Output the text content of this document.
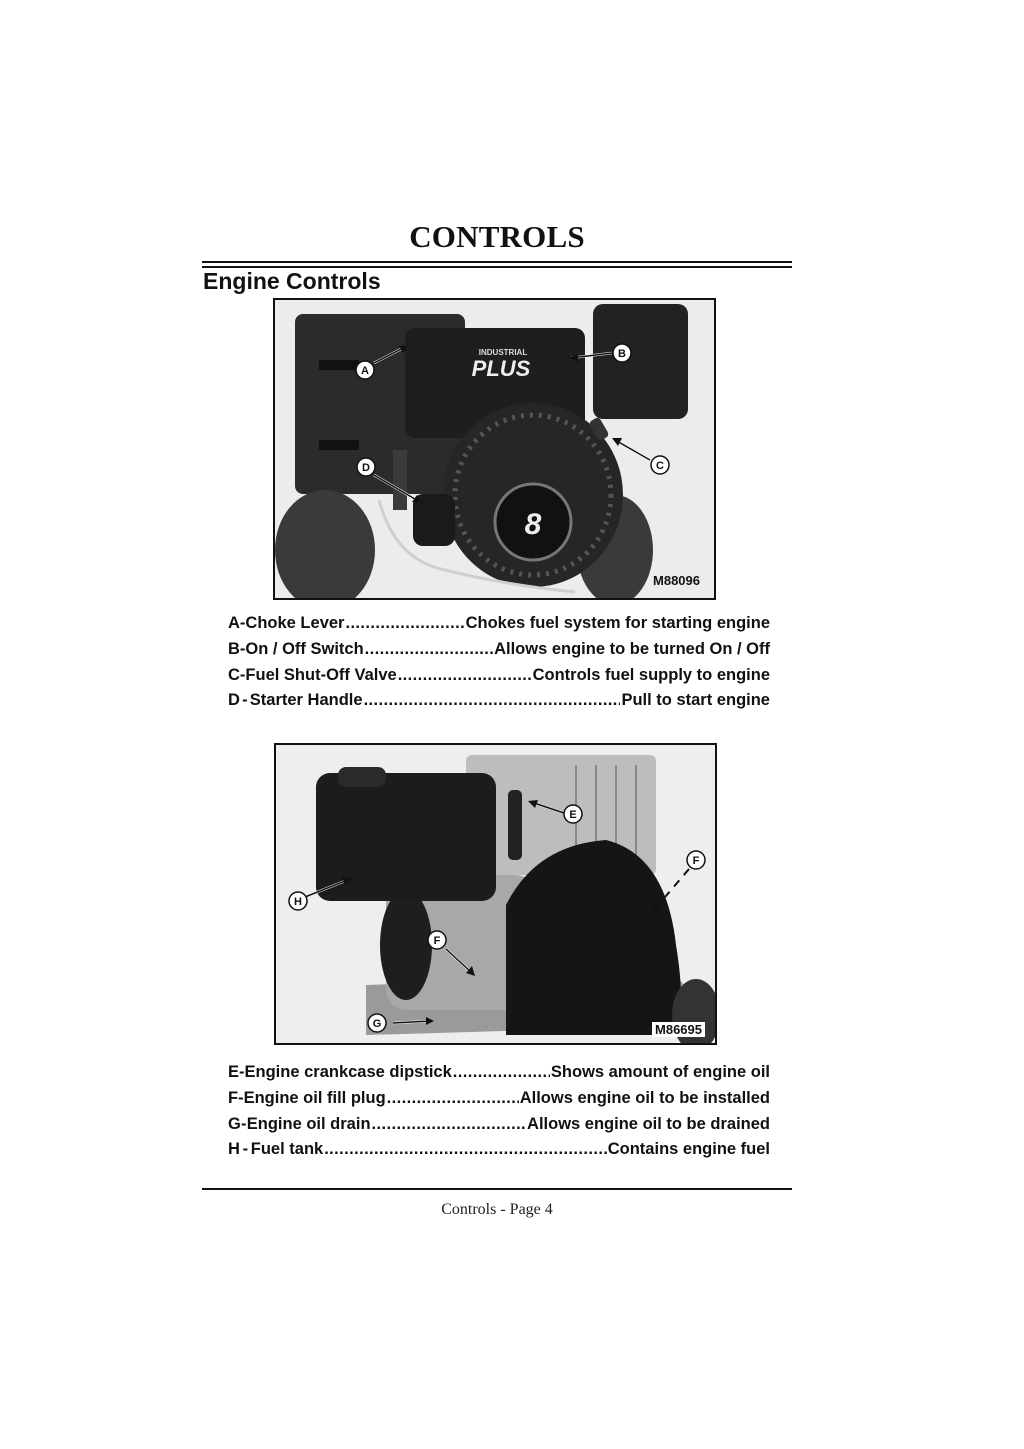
CONTROLS
Engine Controls
INDUSTRIAL
PLUS
8
A
B
C
D
M88096
A - Choke Lever .....	Chokes fuel system for starting engine
B - On / Off Switch .....	Allows engine to be turned On / Off
C - Fuel Shut-Off Valve .....	Controls fuel supply to engine
D - Starter Handle .....	Pull to start engine
E
F
H
F
G	M86695
E - Engine crankcase dipstick .....	Shows amount of engine oil
F - Engine oil fill plug .....	Allows engine oil to be installed
G - Engine oil drain .....	Allows engine oil to be drained
H - Fuel tank .....	Contains engine fuel
Controls - Page 4
